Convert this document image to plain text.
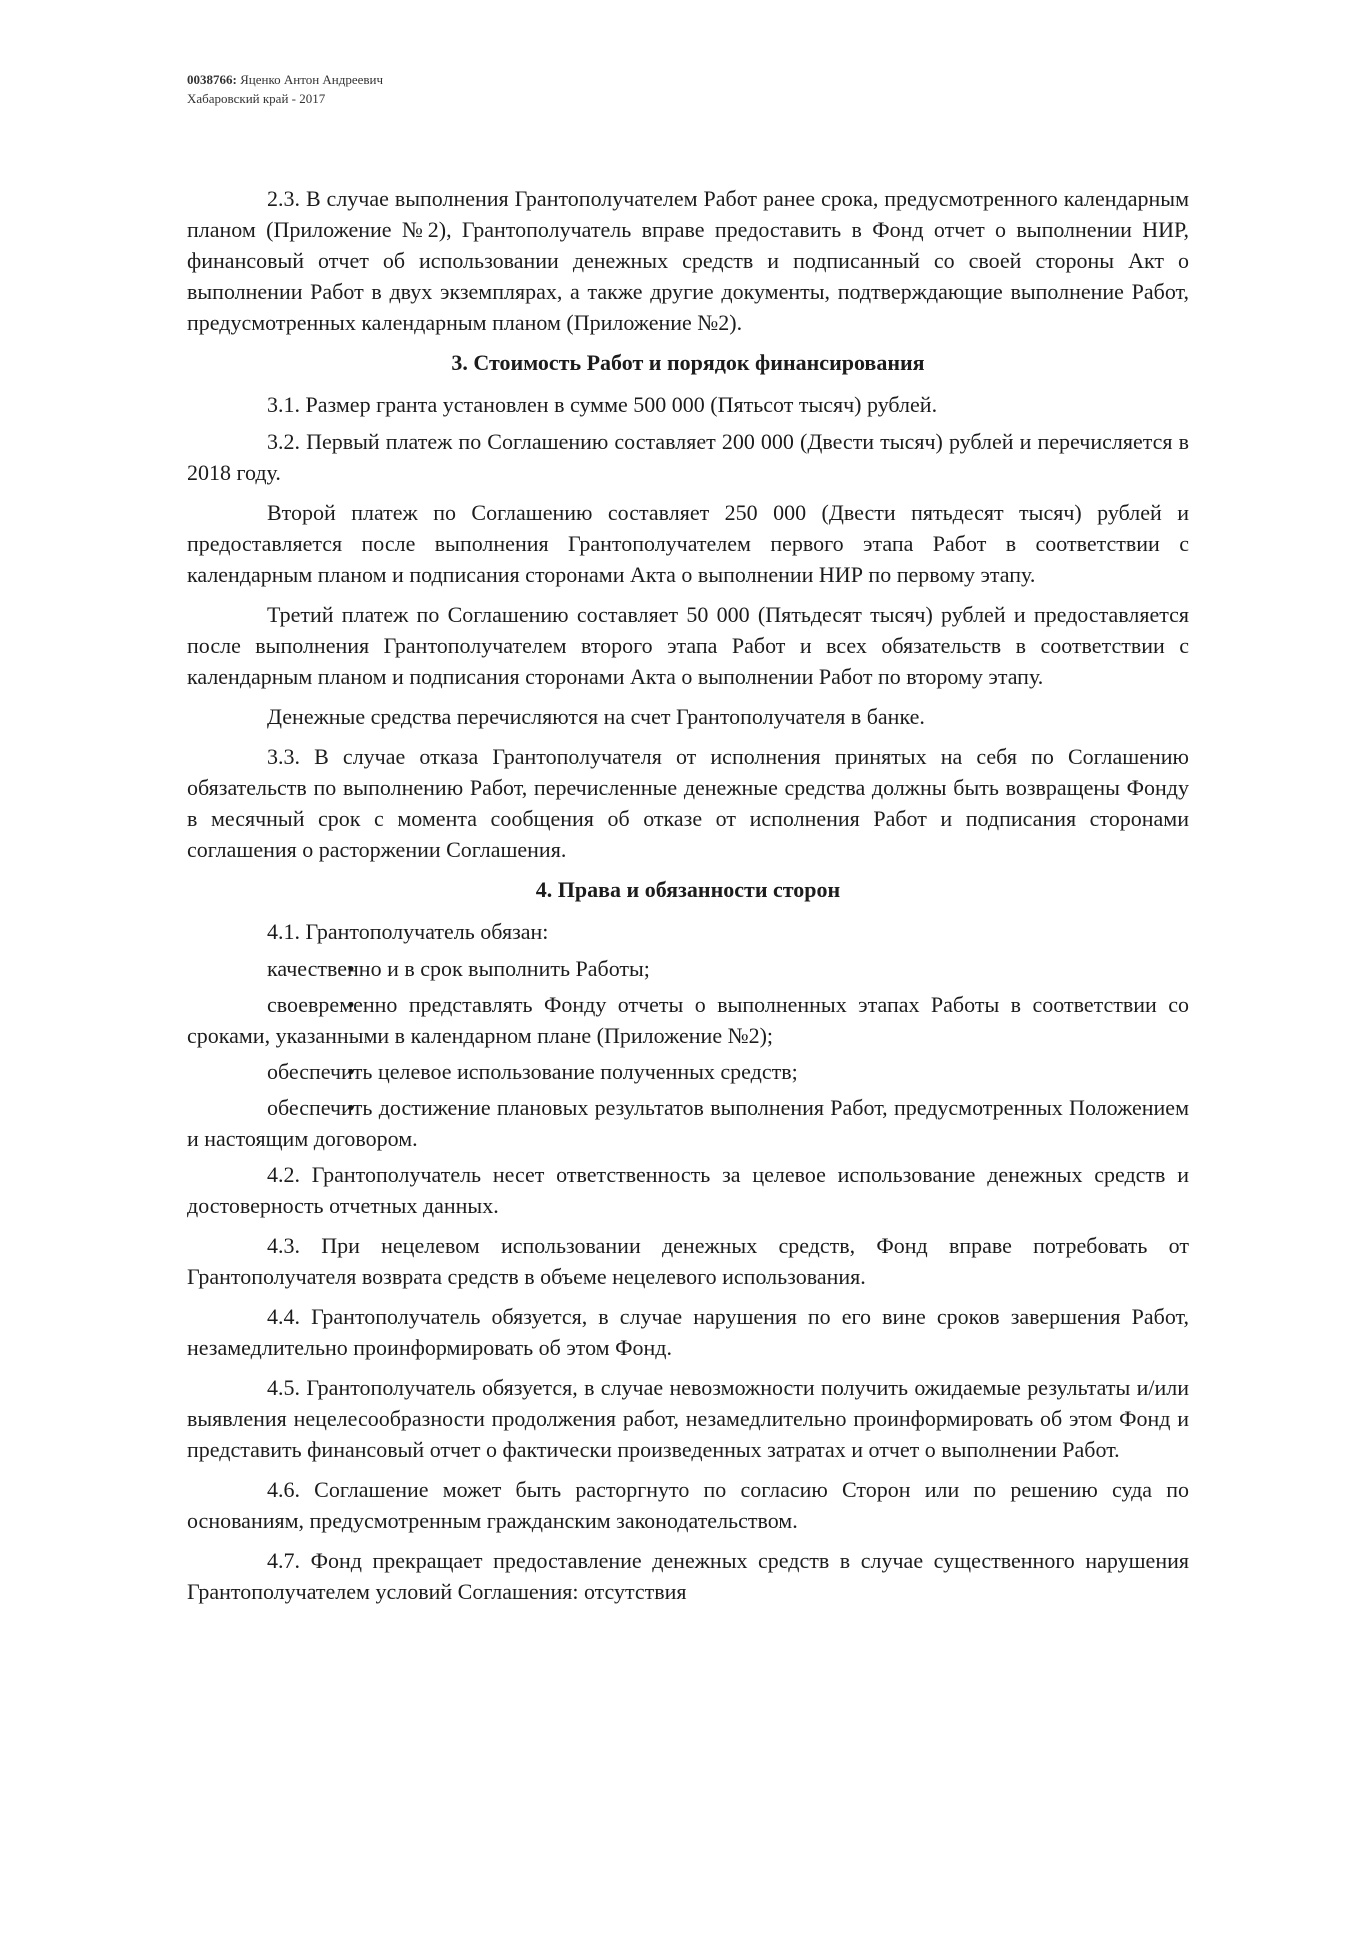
0038766: Яценко Антон Андреевич
Хабаровский край - 2017

2.3. В случае выполнения Грантополучателем Работ ранее срока, предусмотренного календарным планом (Приложение №2), Грантополучатель вправе предоставить в Фонд отчет о выполнении НИР, финансовый отчет об использовании денежных средств и подписанный со своей стороны Акт о выполнении Работ в двух экземплярах, а также другие документы, подтверждающие выполнение Работ, предусмотренных календарным планом (Приложение №2).

3. Стоимость Работ и порядок финансирования

3.1. Размер гранта установлен в сумме 500 000 (Пятьсот тысяч) рублей.

3.2. Первый платеж по Соглашению составляет 200 000 (Двести тысяч) рублей и перечисляется в 2018 году.

Второй платеж по Соглашению составляет 250 000 (Двести пятьдесят тысяч) рублей и предоставляется после выполнения Грантополучателем первого этапа Работ в соответствии с календарным планом и подписания сторонами Акта о выполнении НИР по первому этапу.

Третий платеж по Соглашению составляет 50 000 (Пятьдесят тысяч) рублей и предоставляется после выполнения Грантополучателем второго этапа Работ и всех обязательств в соответствии с календарным планом и подписания сторонами Акта о выполнении Работ по второму этапу.

Денежные средства перечисляются на счет Грантополучателя в банке.

3.3. В случае отказа Грантополучателя от исполнения принятых на себя по Соглашению обязательств по выполнению Работ, перечисленные денежные средства должны быть возвращены Фонду в месячный срок с момента сообщения об отказе от исполнения Работ и подписания сторонами соглашения о расторжении Соглашения.

4. Права и обязанности сторон

4.1. Грантополучатель обязан:

•
качественно и в срок выполнить Работы;
•
своевременно представлять Фонду отчеты о выполненных этапах Работы в соответствии со сроками, указанными в календарном плане (Приложение №2);
•
обеспечить целевое использование полученных средств;
•
обеспечить достижение плановых результатов выполнения Работ, предусмотренных Положением и настоящим договором.

4.2. Грантополучатель несет ответственность за целевое использование денежных средств и достоверность отчетных данных.

4.3. При нецелевом использовании денежных средств, Фонд вправе потребовать от Грантополучателя возврата средств в объеме нецелевого использования.

4.4. Грантополучатель обязуется, в случае нарушения по его вине сроков завершения Работ, незамедлительно проинформировать об этом Фонд.

4.5. Грантополучатель обязуется, в случае невозможности получить ожидаемые результаты и/или выявления нецелесообразности продолжения работ, незамедлительно проинформировать об этом Фонд и представить финансовый отчет о фактически произведенных затратах и отчет о выполнении Работ.

4.6. Соглашение может быть расторгнуто по согласию Сторон или по решению суда по основаниям, предусмотренным гражданским законодательством.

4.7. Фонд прекращает предоставление денежных средств в случае существенного нарушения Грантополучателем условий Соглашения: отсутствия
